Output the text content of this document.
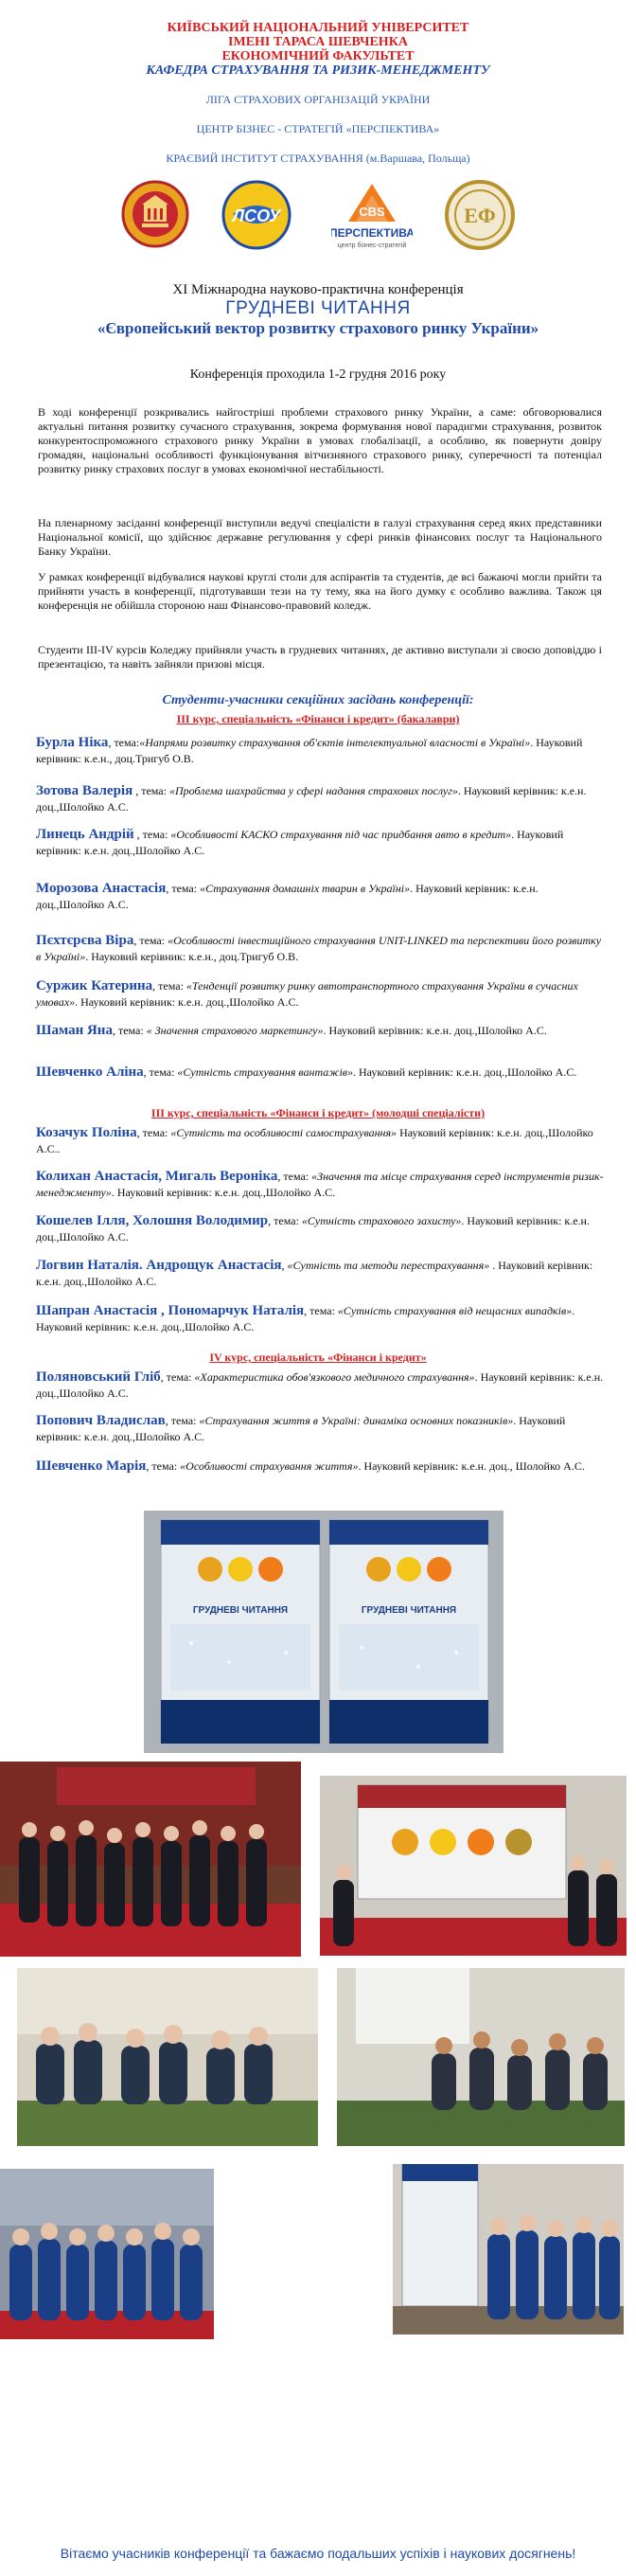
КИЇВСЬКИЙ НАЦІОНАЛЬНИЙ УНІВЕРСИТЕТ
ІМЕНІ ТАРАСА ШЕВЧЕНКА
ЕКОНОМІЧНИЙ ФАКУЛЬТЕТ
КАФЕДРА СТРАХУВАННЯ ТА РИЗИК-МЕНЕДЖМЕНТУ
ЛІГА СТРАХОВИХ ОРГАНІЗАЦІЙ УКРАЇНИ
ЦЕНТР БІЗНЕС - СТРАТЕГІЙ «ПЕРСПЕКТИВА»
КРАЄВИЙ ІНСТИТУТ СТРАХУВАННЯ (м.Варшава, Польща)
ЛСОУ	CBS
ПЕРСПЕКТИВА
центр бізнес-стратегій
ЕФ
XI Міжнародна науково-практична конференція
ГРУДНЕВІ ЧИТАННЯ
«Європейський вектор розвитку страхового ринку України»
Конференція проходила 1-2 грудня 2016 року
В ході конференції розкривались найгостріші проблеми страхового ринку України, а саме: обговорювалися актуальні питання розвитку сучасного страхування, зокрема формування нової парадигми страхування, розвиток конкурентоспроможного страхового ринку України в умовах глобалізації, а особливо, як повернути довіру громадян, національні особливості функціонування вітчизняного страхового ринку, суперечності та потенціал розвитку ринку страхових послуг в умовах економічної нестабільності.
На пленарному засіданні конференції виступили ведучі спеціалісти в галузі страхування серед яких представники Національної комісії, що здійснює державне регулювання у сфері ринків фінансових послуг та Національного Банку України.
У рамках конференції відбувалися наукові круглі столи для аспірантів та студентів, де всі бажаючі могли прийти та прийняти участь в конференції, підготувавши тези на ту тему, яка на його думку є особливо важлива. Також ця конференція не обійшла стороною наш Фінансово-правовий коледж.
Студенти ІІІ-ІV курсів Коледжу прийняли участь в грудневих читаннях, де активно виступали зі своєю доповіддю і презентацією, та навіть зайняли призові місця.
Студенти-учасники секційних засідань конференції:
ІІІ курс, спеціальність «Фінанси і кредит» (бакалаври)
Бурла Ніка, тема:«Напрями розвитку страхування об'єктів інтелектуальної власності в Україні». Науковий керівник: к.е.н., доц.Тригуб О.В.
Зотова Валерія , тема: «Проблема шахрайства у сфері надання страхових послуг». Науковий керівник: к.е.н. доц.,Шолойко А.С.
Линець Андрій , тема: «Особливості КАСКО страхування під час придбання авто в кредит». Науковий керівник: к.е.н. доц.,Шолойко А.С.
Морозова Анастасія, тема: «Страхування домашніх тварин в Україні». Науковий керівник: к.е.н. доц.,Шолойко А.С.
Пєхтєрєва Віра, тема: «Особливості інвестиційного страхування UNIT-LINKED та перспективи його розвитку в Україні». Науковий керівник: к.е.н., доц.Тригуб О.В.
Суржик Катерина, тема: «Тенденції розвитку ринку автотранспортного страхування України в сучасних умовах». Науковий керівник: к.е.н. доц.,Шолойко А.С.
Шаман Яна, тема: « Значення страхового маркетингу». Науковий керівник: к.е.н. доц.,Шолойко А.С.
Шевченко Аліна, тема: «Сутність страхування вантажів». Науковий керівник: к.е.н. доц.,Шолойко А.С.
ІІІ курс, спеціальність «Фінанси і кредит» (молодші спеціалісти)
Козачук Поліна, тема: «Сутність та особливості самострахування» Науковий керівник: к.е.н. доц.,Шолойко А.С..
Колихан Анастасія, Мигаль Вероніка, тема: «Значення та місце страхування серед інструментів ризик-менеджменту». Науковий керівник: к.е.н. доц.,Шолойко А.С.
Кошелев Ілля, Холошня Володимир, тема: «Сутність страхового захисту». Науковий керівник: к.е.н. доц.,Шолойко А.С.
Логвин Наталія. Андрощук Анастасія, «Сутність та методи перестрахування» . Науковий керівник: к.е.н. доц.,Шолойко А.С.
Шапран Анастасія , Пономарчук Наталія, тема: «Сутність страхування від нещасних випадків». Науковий керівник: к.е.н. доц.,Шолойко А.С.
ІV курс, спеціальність «Фінанси і кредит»
Поляновський Гліб, тема: «Характеристика обов'язкового медичного страхування». Науковий керівник: к.е.н. доц.,Шолойко А.С.
Попович Владислав, тема: «Страхування життя в Україні: динаміка основних показників». Науковий керівник: к.е.н. доц.,Шолойко А.С.
Шевченко Марія, тема: «Особливості страхування життя». Науковий керівник: к.е.н. доц., Шолойко А.С.
ГРУДНЕВІ ЧИТАННЯ	ГРУДНЕВІ ЧИТАННЯ
Вітаємо учасників конференції та бажаємо подальших успіхів і наукових досягнень!
